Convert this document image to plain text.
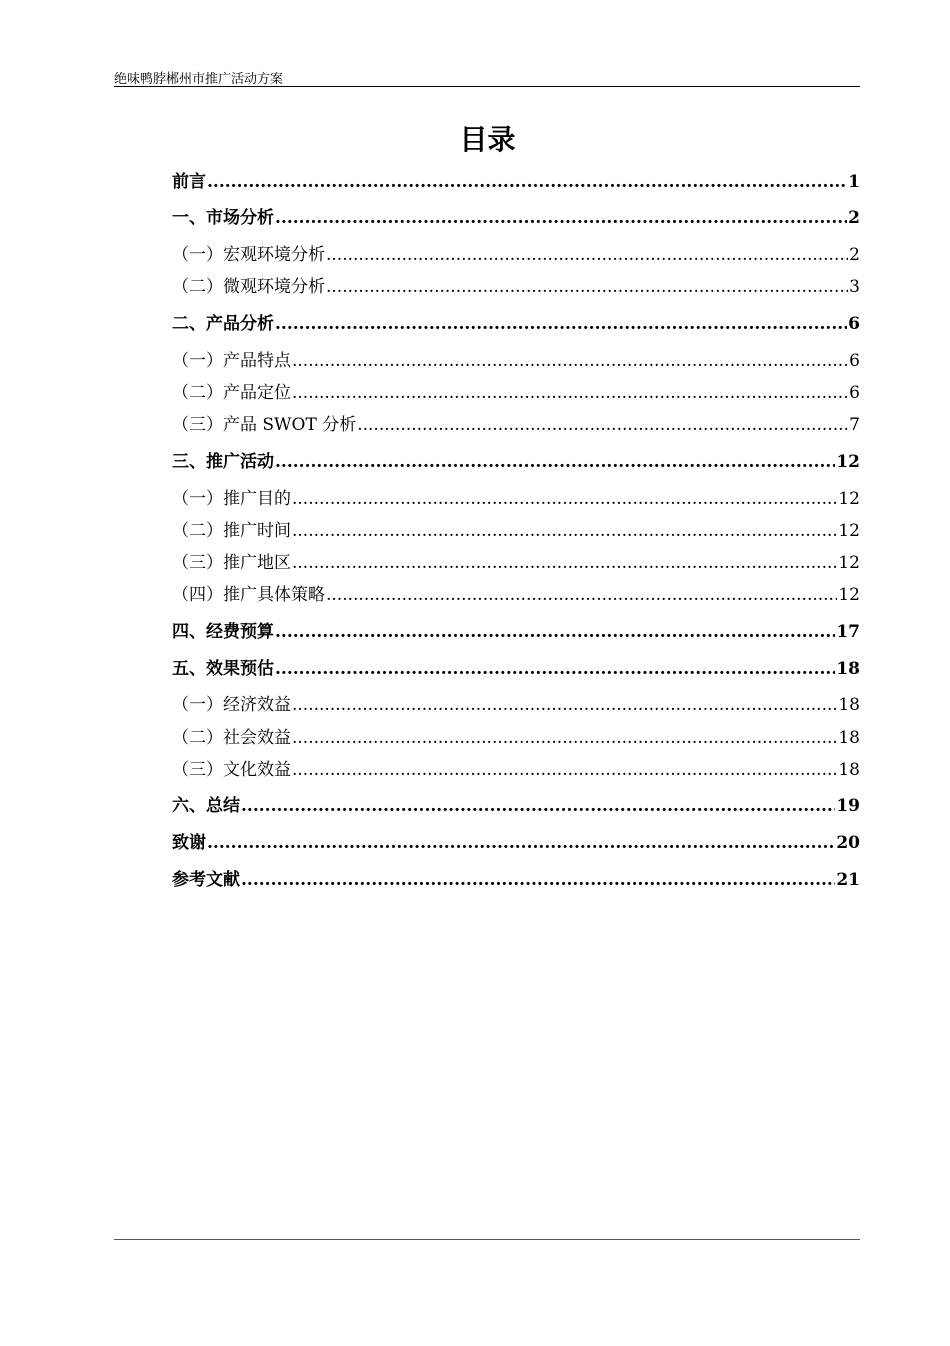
绝味鸭脖郴州市推广活动方案
目录
前言 .....	1
一、市场分析 .....	2
（一）宏观环境分析 .....	2
（二）微观环境分析 .....	3
二、产品分析 .....	6
（一）产品特点 .....	6
（二）产品定位 .....	6
（三）产品 SWOT 分析 .....	7
三、推广活动 .....	12
（一）推广目的 .....	12
（二）推广时间 .....	12
（三）推广地区 .....	12
（四）推广具体策略 .....	12
四、经费预算 .....	17
五、效果预估 .....	18
（一）经济效益 .....	18
（二）社会效益 .....	18
（三）文化效益 .....	18
六、总结 .....	19
致谢 .....	20
参考文献 .....	21
